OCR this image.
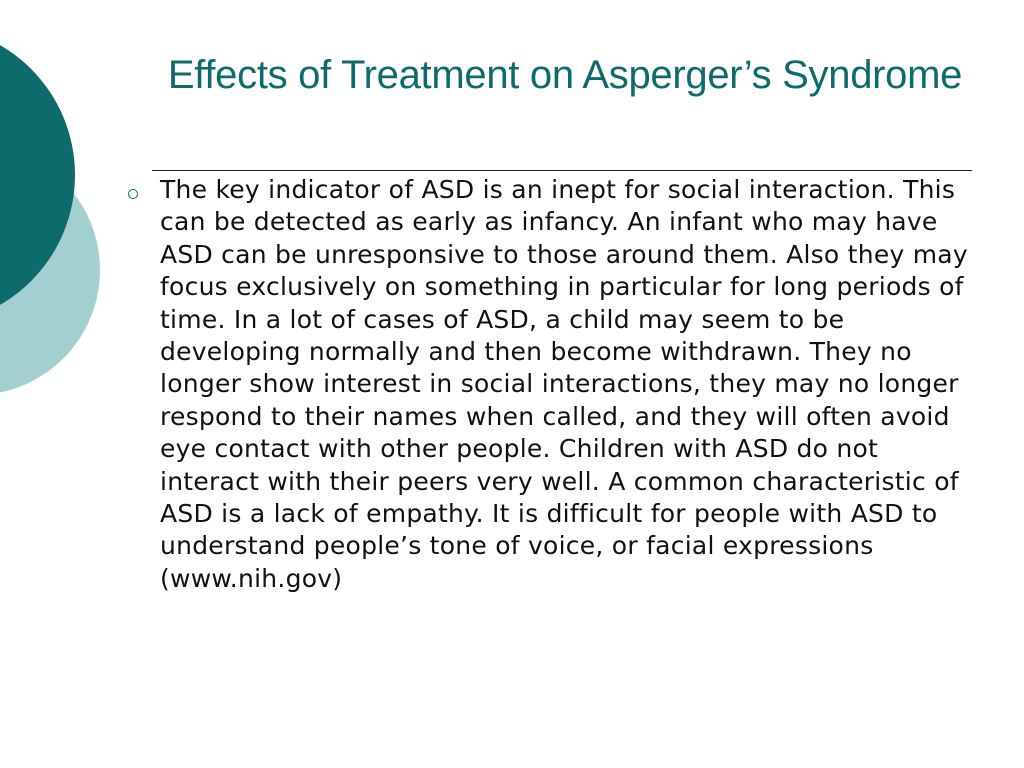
Effects of Treatment on Asperger’s Syndrome
The key indicator of ASD is an inept for social interaction. This can be detected as early as infancy. An infant who may have ASD can be unresponsive to those around them. Also they may focus exclusively on something in particular for long periods of time. In a lot of cases of ASD, a child may seem to be developing normally and then become withdrawn. They no longer show interest in social interactions, they may no longer respond to their names when called, and they will often avoid eye contact with other people. Children with ASD do not interact with their peers very well. A common characteristic of ASD is a lack of empathy. It is difficult for people with ASD to understand people’s tone of voice, or facial expressions (www.nih.gov)
